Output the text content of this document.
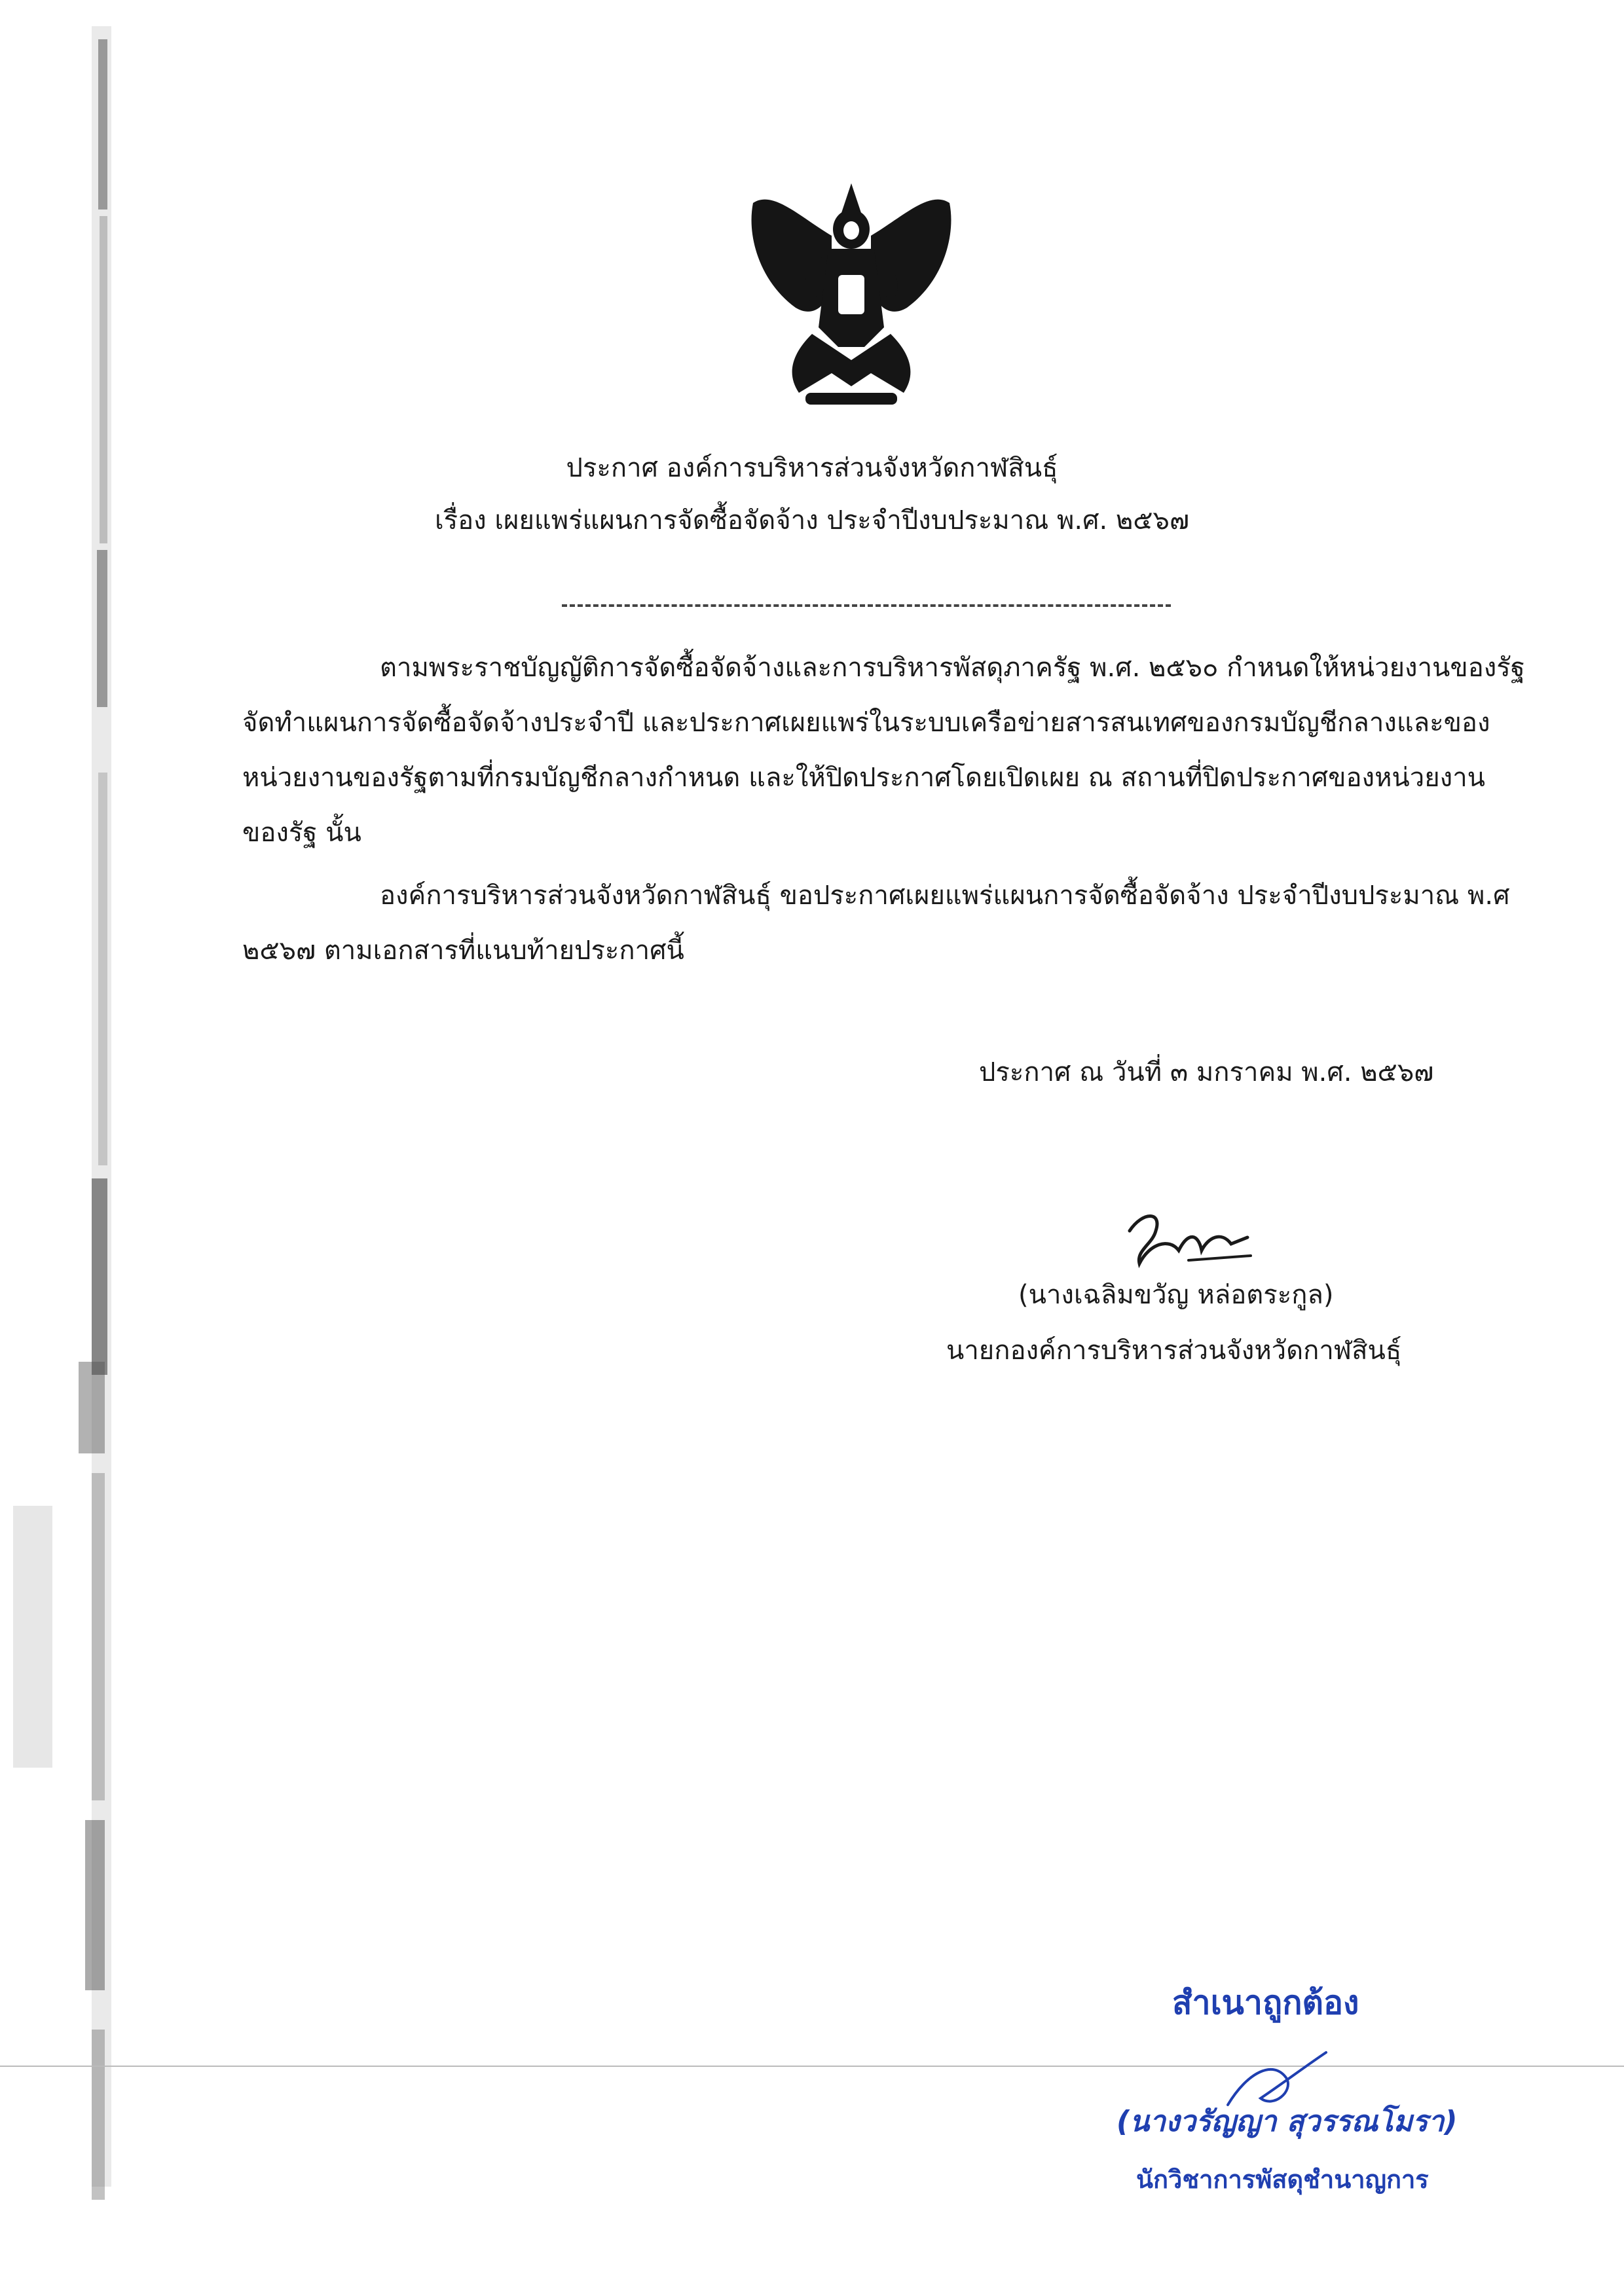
ประกาศ องค์การบริหารส่วนจังหวัดกาฬสินธุ์
เรื่อง เผยแพร่แผนการจัดซื้อจัดจ้าง ประจำปีงบประมาณ พ.ศ. ๒๕๖๗
ตามพระราชบัญญัติการจัดซื้อจัดจ้างและการบริหารพัสดุภาครัฐ พ.ศ. ๒๕๖๐ กำหนดให้หน่วยงานของรัฐ
จัดทำแผนการจัดซื้อจัดจ้างประจำปี และประกาศเผยแพร่ในระบบเครือข่ายสารสนเทศของกรมบัญชีกลางและของ
หน่วยงานของรัฐตามที่กรมบัญชีกลางกำหนด และให้ปิดประกาศโดยเปิดเผย ณ สถานที่ปิดประกาศของหน่วยงาน
ของรัฐ นั้น
องค์การบริหารส่วนจังหวัดกาฬสินธุ์ ขอประกาศเผยแพร่แผนการจัดซื้อจัดจ้าง ประจำปีงบประมาณ พ.ศ
๒๕๖๗ ตามเอกสารที่แนบท้ายประกาศนี้
ประกาศ ณ วันที่ ๓ มกราคม พ.ศ. ๒๕๖๗
(นางเฉลิมขวัญ หล่อตระกูล)
นายกองค์การบริหารส่วนจังหวัดกาฬสินธุ์
สำเนาถูกต้อง
(นางวรัญญา สุวรรณโมรา)
นักวิชาการพัสดุชำนาญการ
